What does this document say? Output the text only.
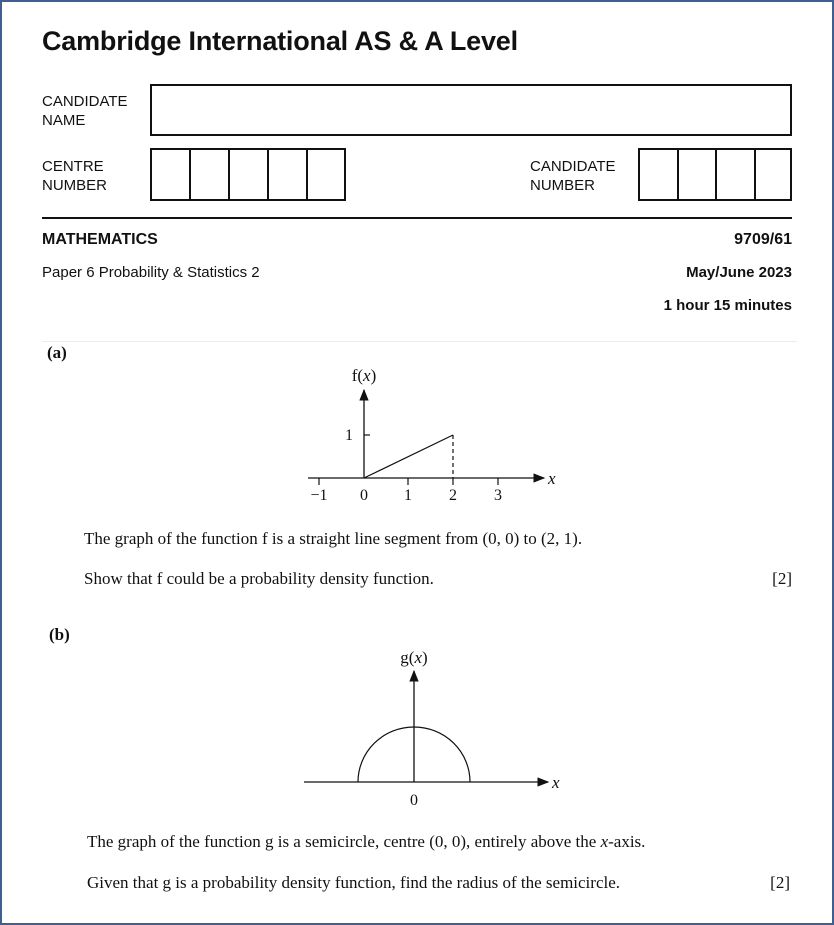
Cambridge International AS & A Level
CANDIDATE
NAME
CENTRE
NUMBER
CANDIDATE
NUMBER
MATHEMATICS	9709/61
Paper 6 Probability & Statistics 2	May/June 2023
1 hour 15 minutes
(a)
f(x)
x
1
−1 0 1 2 3
The graph of the function f is a straight line segment from (0, 0) to (2, 1).
Show that f could be a probability density function.	[2]
(b)
g(x)
x
0
The graph of the function g is a semicircle, centre (0, 0), entirely above the x-axis.
Given that g is a probability density function, find the radius of the semicircle.	[2]
